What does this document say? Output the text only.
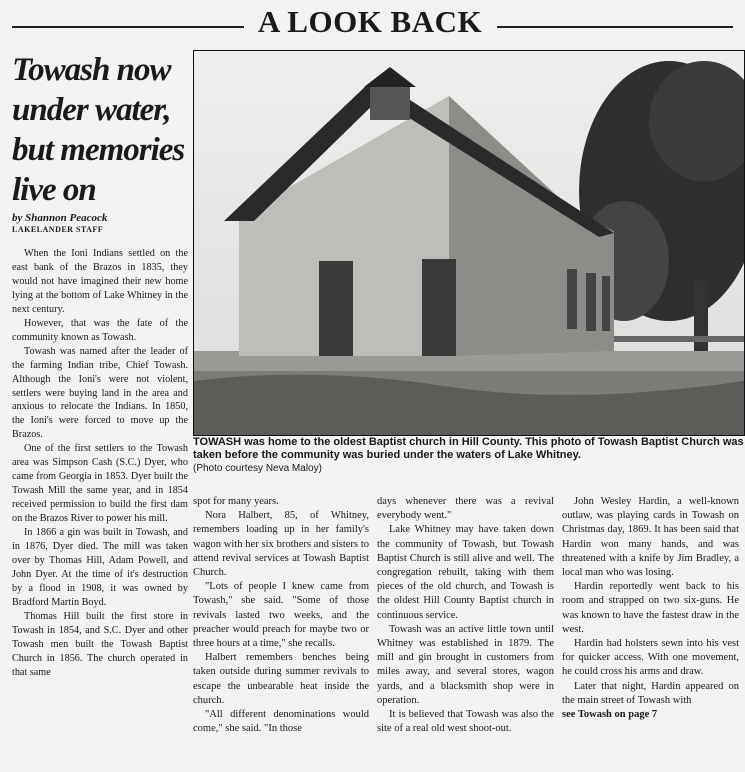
A LOOK BACK
Towash now
under water,
but memories
live on
by Shannon Peacock
LAKELANDER STAFF
TOWASH was home to the oldest Baptist church in Hill County. This photo of Towash Baptist Church was taken before the community was buried under the waters of Lake Whitney.
(Photo courtesy Neva Maloy)

When the Ioni Indians settled on the east bank of the Brazos in 1835, they would not have imagined their new home lying at the bottom of Lake Whitney in the next century.

However, that was the fate of the community known as Towash.

Towash was named after the leader of the farming Indian tribe, Chief Towash. Although the Ioni's were not violent, settlers were buying land in the area and anxious to relocate the Indians. In 1850, the Ioni's were forced to move up the Brazos.

One of the first settlers to the Towash area was Simpson Cash (S.C.) Dyer, who came from Georgia in 1853. Dyer built the Towash Mill the same year, and in 1854 received permission to build the first dam on the Brazos River to power his mill.

In 1866 a gin was built in Towash, and in 1876, Dyer died. The mill was taken over by Thomas Hill, Adam Powell, and John Dyer. At the time of it's destruction by a flood in 1908, it was owned by Bradford Martin Boyd.

Thomas Hill built the first store in Towash in 1854, and S.C. Dyer and other Towash men built the Towash Baptist Church in 1856. The church operated in that same

spot for many years.

Nora Halbert, 85, of Whitney, remembers loading up in her family's wagon with her six brothers and sisters to attend revival services at Towash Baptist Church.

"Lots of people I knew came from Towash," she said. "Some of those revivals lasted two weeks, and the preacher would preach for maybe two or three hours at a time," she recalls.

Halbert remembers benches being taken outside during summer revivals to escape the unbearable heat inside the church.

"All different denominations would come," she said. "In those

days whenever there was a revival everybody went."

Lake Whitney may have taken down the community of Towash, but Towash Baptist Church is still alive and well. The congregation rebuilt, taking with them pieces of the old church, and Towash is the oldest Hill County Baptist church in continuous service.

Towash was an active little town until Whitney was established in 1879. The mill and gin brought in customers from miles away, and several stores, wagon yards, and a blacksmith shop were in operation.

It is believed that Towash was also the site of a real old west shoot-out.

John Wesley Hardin, a well-known outlaw, was playing cards in Towash on Christmas day, 1869. It has been said that Hardin won many hands, and was threatened with a knife by Jim Bradley, a local man who was losing.

Hardin reportedly went back to his room and strapped on two six-guns. He was known to have the fastest draw in the west.

Hardin had holsters sewn into his vest for quicker access. With one movement, he could cross his arms and draw.

Later that night, Hardin appeared on the main street of Towash with

see Towash on page 7
